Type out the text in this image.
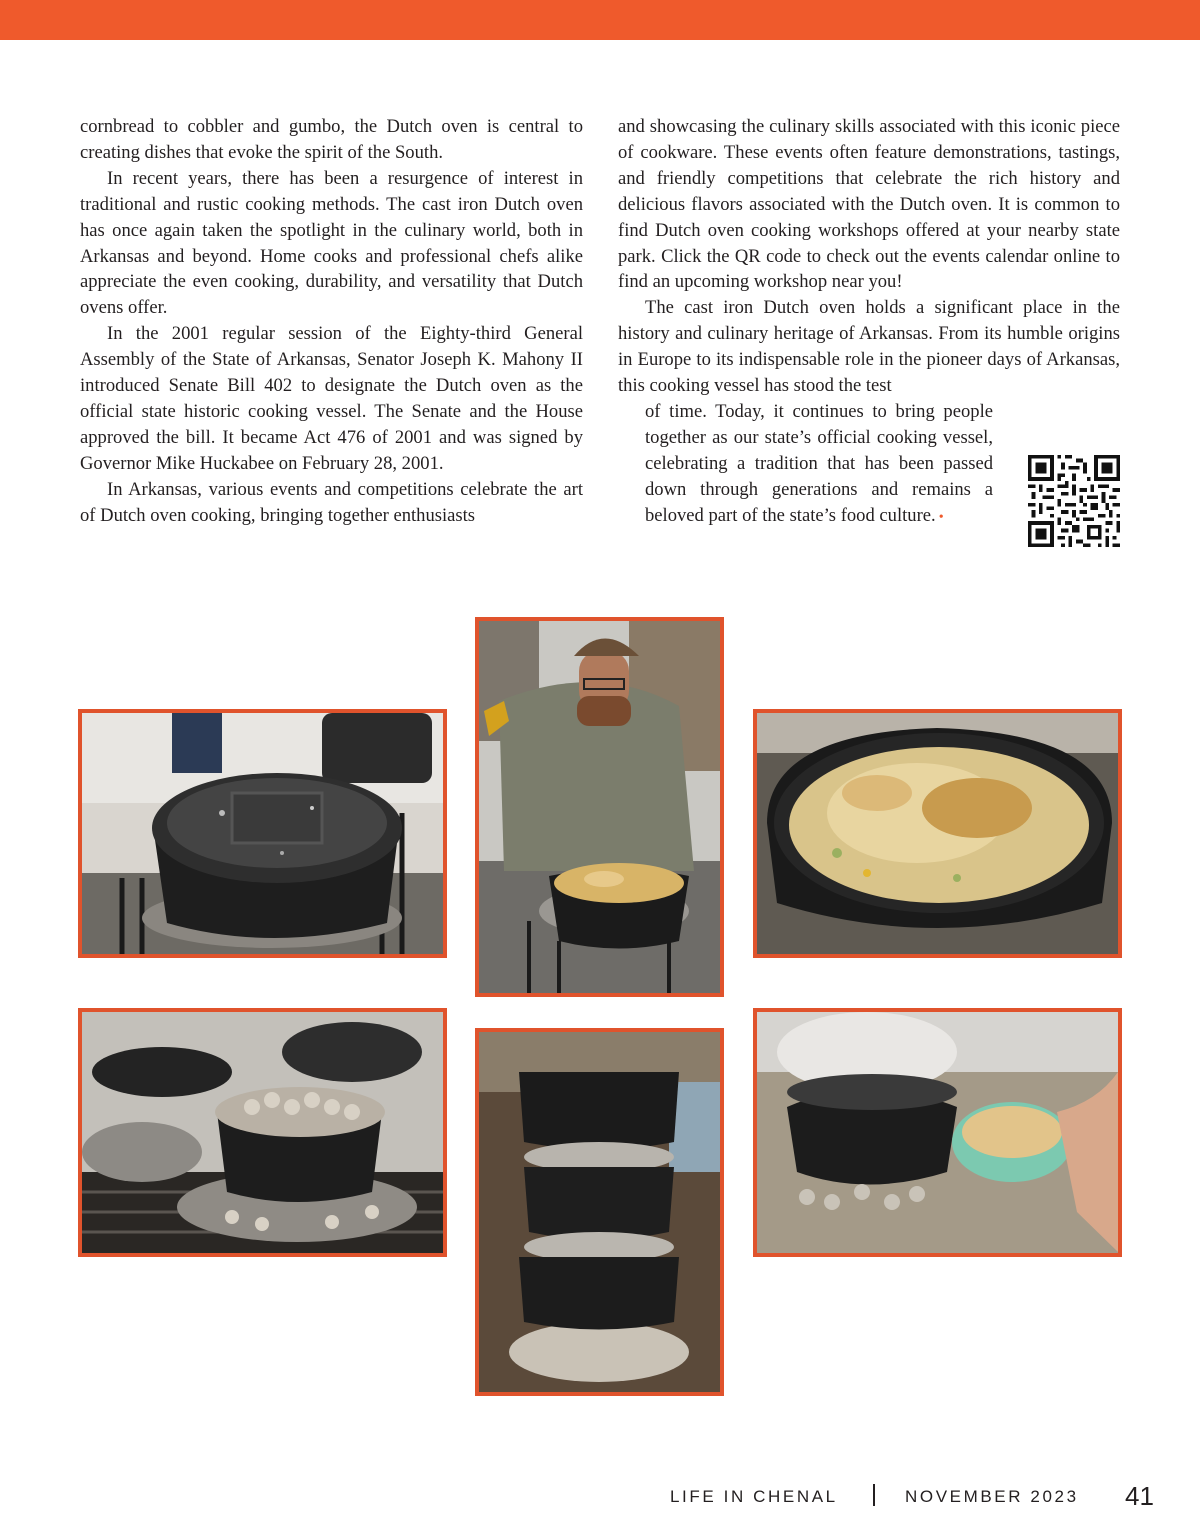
cornbread to cobbler and gumbo, the Dutch oven is central to creating dishes that evoke the spirit of the South.

In recent years, there has been a resurgence of interest in traditional and rustic cooking methods. The cast iron Dutch oven has once again taken the spotlight in the culinary world, both in Arkansas and beyond. Home cooks and professional chefs alike appreciate the even cooking, durability, and versatility that Dutch ovens offer.

In the 2001 regular session of the Eighty-third General Assembly of the State of Arkansas, Senator Joseph K. Mahony II introduced Senate Bill 402 to designate the Dutch oven as the official state historic cooking vessel. The Senate and the House approved the bill. It became Act 476 of 2001 and was signed by Governor Mike Huckabee on February 28, 2001.

In Arkansas, various events and competitions celebrate the art of Dutch oven cooking, bringing together enthusiasts

and showcasing the culinary skills associated with this iconic piece of cookware. These events often feature demonstrations, tastings, and friendly competitions that celebrate the rich history and delicious flavors associated with the Dutch oven. It is common to find Dutch oven cooking workshops offered at your nearby state park. Click the QR code to check out the events calendar online to find an upcoming workshop near you!

The cast iron Dutch oven holds a significant place in the history and culinary heritage of Arkansas. From its humble origins in Europe to its indispensable role in the pioneer days of Arkansas, this cooking vessel has stood the test
of time. Today, it continues to bring people
together as our state’s official cooking vessel,
celebrating a tradition that has been passed
down through generations and remains a
beloved part of the state’s food culture. •

LIFE IN CHENAL	NOVEMBER 2023 41
